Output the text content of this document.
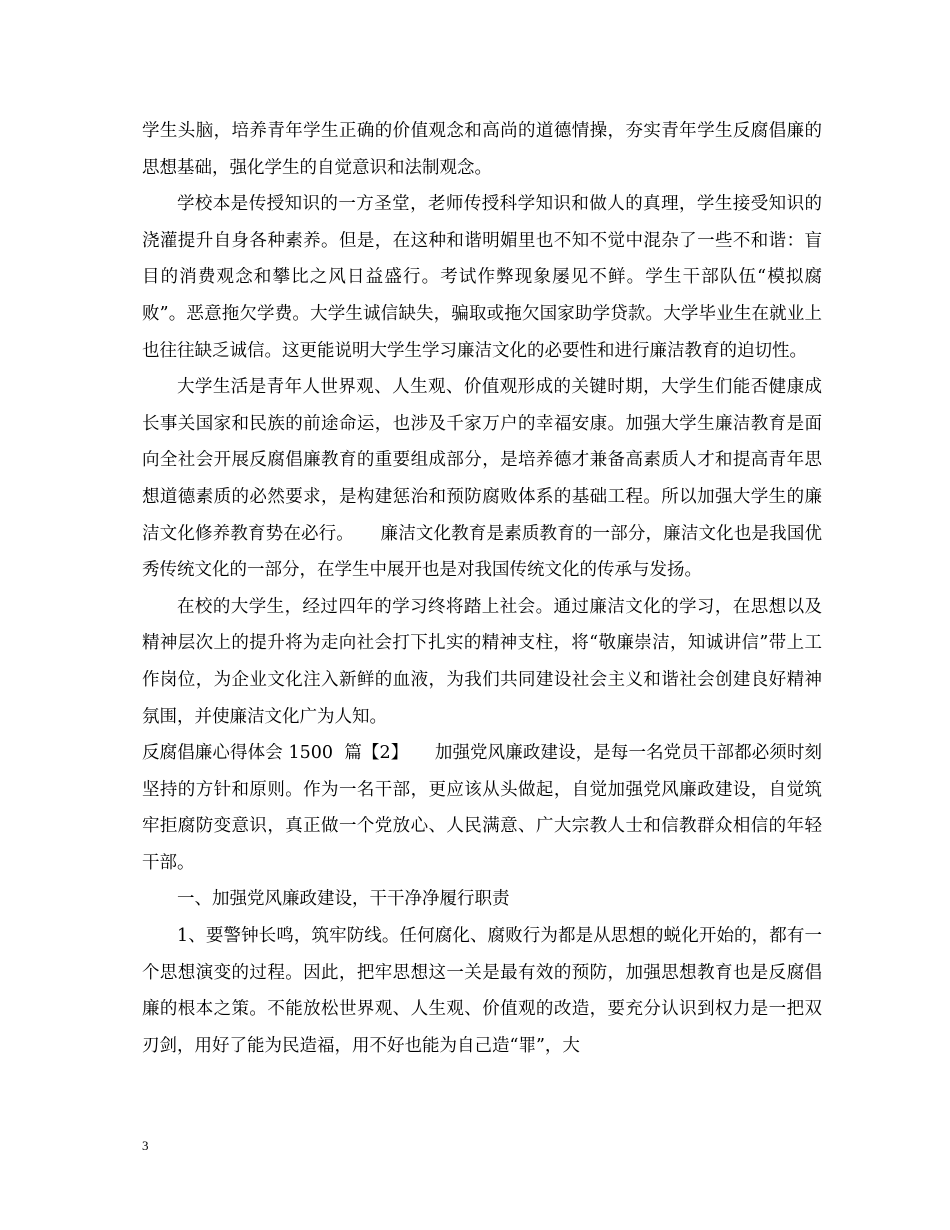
学生头脑，培养青年学生正确的价值观念和高尚的道德情操，夯实青年学生反腐倡廉的思想基础，强化学生的自觉意识和法制观念。

学校本是传授知识的一方圣堂，老师传授科学知识和做人的真理，学生接受知识的浇灌提升自身各种素养。但是，在这种和谐明媚里也不知不觉中混杂了一些不和谐：盲目的消费观念和攀比之风日益盛行。考试作弊现象屡见不鲜。学生干部队伍“模拟腐败”。恶意拖欠学费。大学生诚信缺失，骗取或拖欠国家助学贷款。大学毕业生在就业上也往往缺乏诚信。这更能说明大学生学习廉洁文化的必要性和进行廉洁教育的迫切性。

大学生活是青年人世界观、人生观、价值观形成的关键时期，大学生们能否健康成长事关国家和民族的前途命运，也涉及千家万户的幸福安康。加强大学生廉洁教育是面向全社会开展反腐倡廉教育的重要组成部分，是培养德才兼备高素质人才和提高青年思想道德素质的必然要求，是构建惩治和预防腐败体系的基础工程。所以加强大学生的廉洁文化修养教育势在必行。　　廉洁文化教育是素质教育的一部分，廉洁文化也是我国优秀传统文化的一部分，在学生中展开也是对我国传统文化的传承与发扬。

在校的大学生，经过四年的学习终将踏上社会。通过廉洁文化的学习，在思想以及精神层次上的提升将为走向社会打下扎实的精神支柱，将“敬廉崇洁，知诚讲信”带上工作岗位，为企业文化注入新鲜的血液，为我们共同建设社会主义和谐社会创建良好精神氛围，并使廉洁文化广为人知。

反腐倡廉心得体会 1500  篇【2】　　加强党风廉政建设，是每一名党员干部都必须时刻坚持的方针和原则。作为一名干部，更应该从头做起，自觉加强党风廉政建设，自觉筑牢拒腐防变意识，真正做一个党放心、人民满意、广大宗教人士和信教群众相信的年轻干部。

一、加强党风廉政建设，干干净净履行职责

1、要警钟长鸣，筑牢防线。任何腐化、腐败行为都是从思想的蜕化开始的，都有一个思想演变的过程。因此，把牢思想这一关是最有效的预防，加强思想教育也是反腐倡廉的根本之策。不能放松世界观、人生观、价值观的改造，要充分认识到权力是一把双刃剑，用好了能为民造福，用不好也能为自己造“罪”，大

3
